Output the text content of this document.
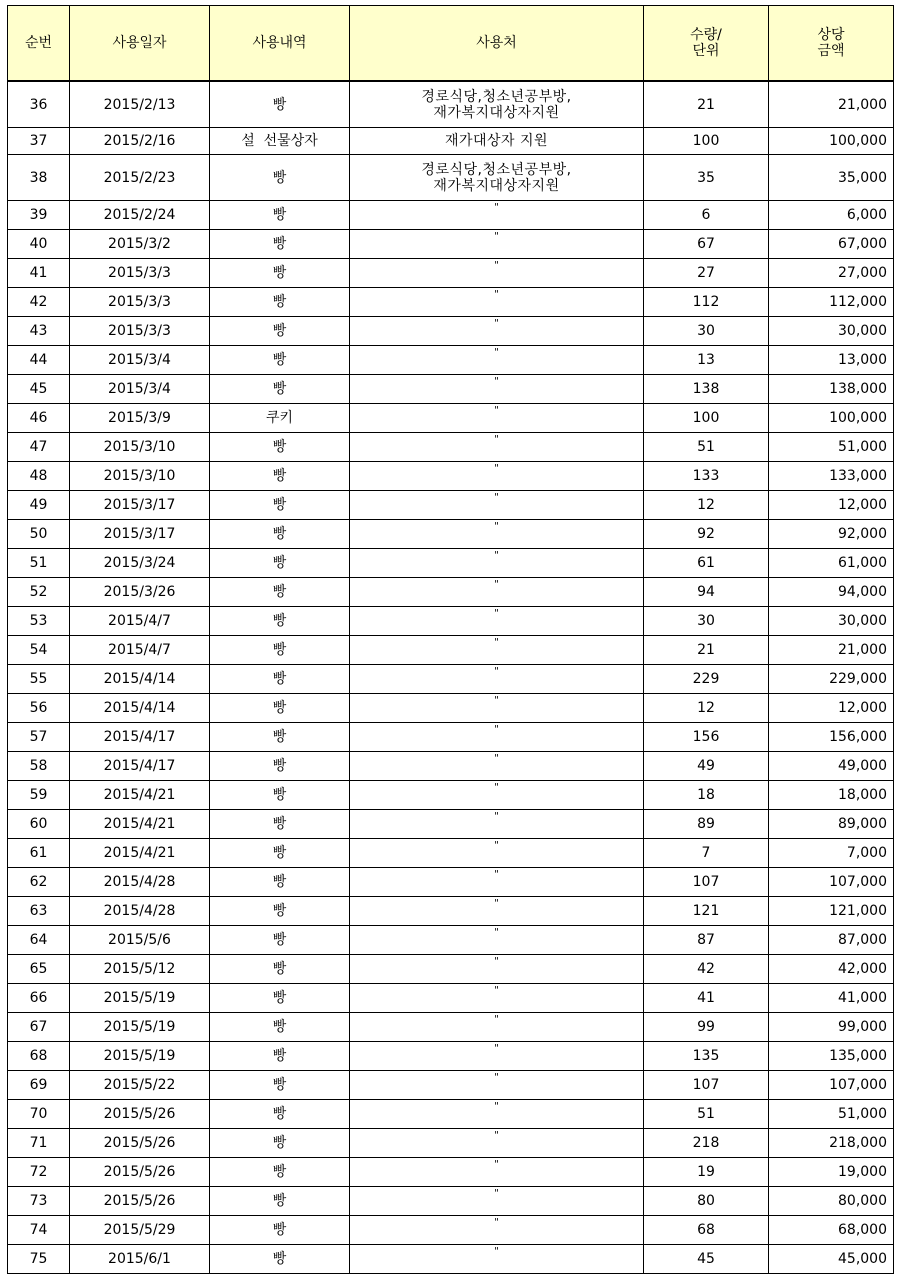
순번	사용일자	사용내역	사용처	수량/
단위	상당
금액

36	2015/2/13	빵	경로식당,청소년공부방,
재가복지대상자지원	21	21,000
37	2015/2/16	설  선물상자	재가대상자 지원	100	100,000
38	2015/2/23	빵	경로식당,청소년공부방,
재가복지대상자지원	35	35,000
39	2015/2/24	빵	"	6	6,000
40	2015/3/2	빵	"	67	67,000
41	2015/3/3	빵	"	27	27,000
42	2015/3/3	빵	"	112	112,000
43	2015/3/3	빵	"	30	30,000
44	2015/3/4	빵	"	13	13,000
45	2015/3/4	빵	"	138	138,000
46	2015/3/9	쿠키	"	100	100,000
47	2015/3/10	빵	"	51	51,000
48	2015/3/10	빵	"	133	133,000
49	2015/3/17	빵	"	12	12,000
50	2015/3/17	빵	"	92	92,000
51	2015/3/24	빵	"	61	61,000
52	2015/3/26	빵	"	94	94,000
53	2015/4/7	빵	"	30	30,000
54	2015/4/7	빵	"	21	21,000
55	2015/4/14	빵	"	229	229,000
56	2015/4/14	빵	"	12	12,000
57	2015/4/17	빵	"	156	156,000
58	2015/4/17	빵	"	49	49,000
59	2015/4/21	빵	"	18	18,000
60	2015/4/21	빵	"	89	89,000
61	2015/4/21	빵	"	7	7,000
62	2015/4/28	빵	"	107	107,000
63	2015/4/28	빵	"	121	121,000
64	2015/5/6	빵	"	87	87,000
65	2015/5/12	빵	"	42	42,000
66	2015/5/19	빵	"	41	41,000
67	2015/5/19	빵	"	99	99,000
68	2015/5/19	빵	"	135	135,000
69	2015/5/22	빵	"	107	107,000
70	2015/5/26	빵	"	51	51,000
71	2015/5/26	빵	"	218	218,000
72	2015/5/26	빵	"	19	19,000
73	2015/5/26	빵	"	80	80,000
74	2015/5/29	빵	"	68	68,000
75	2015/6/1	빵	"	45	45,000
